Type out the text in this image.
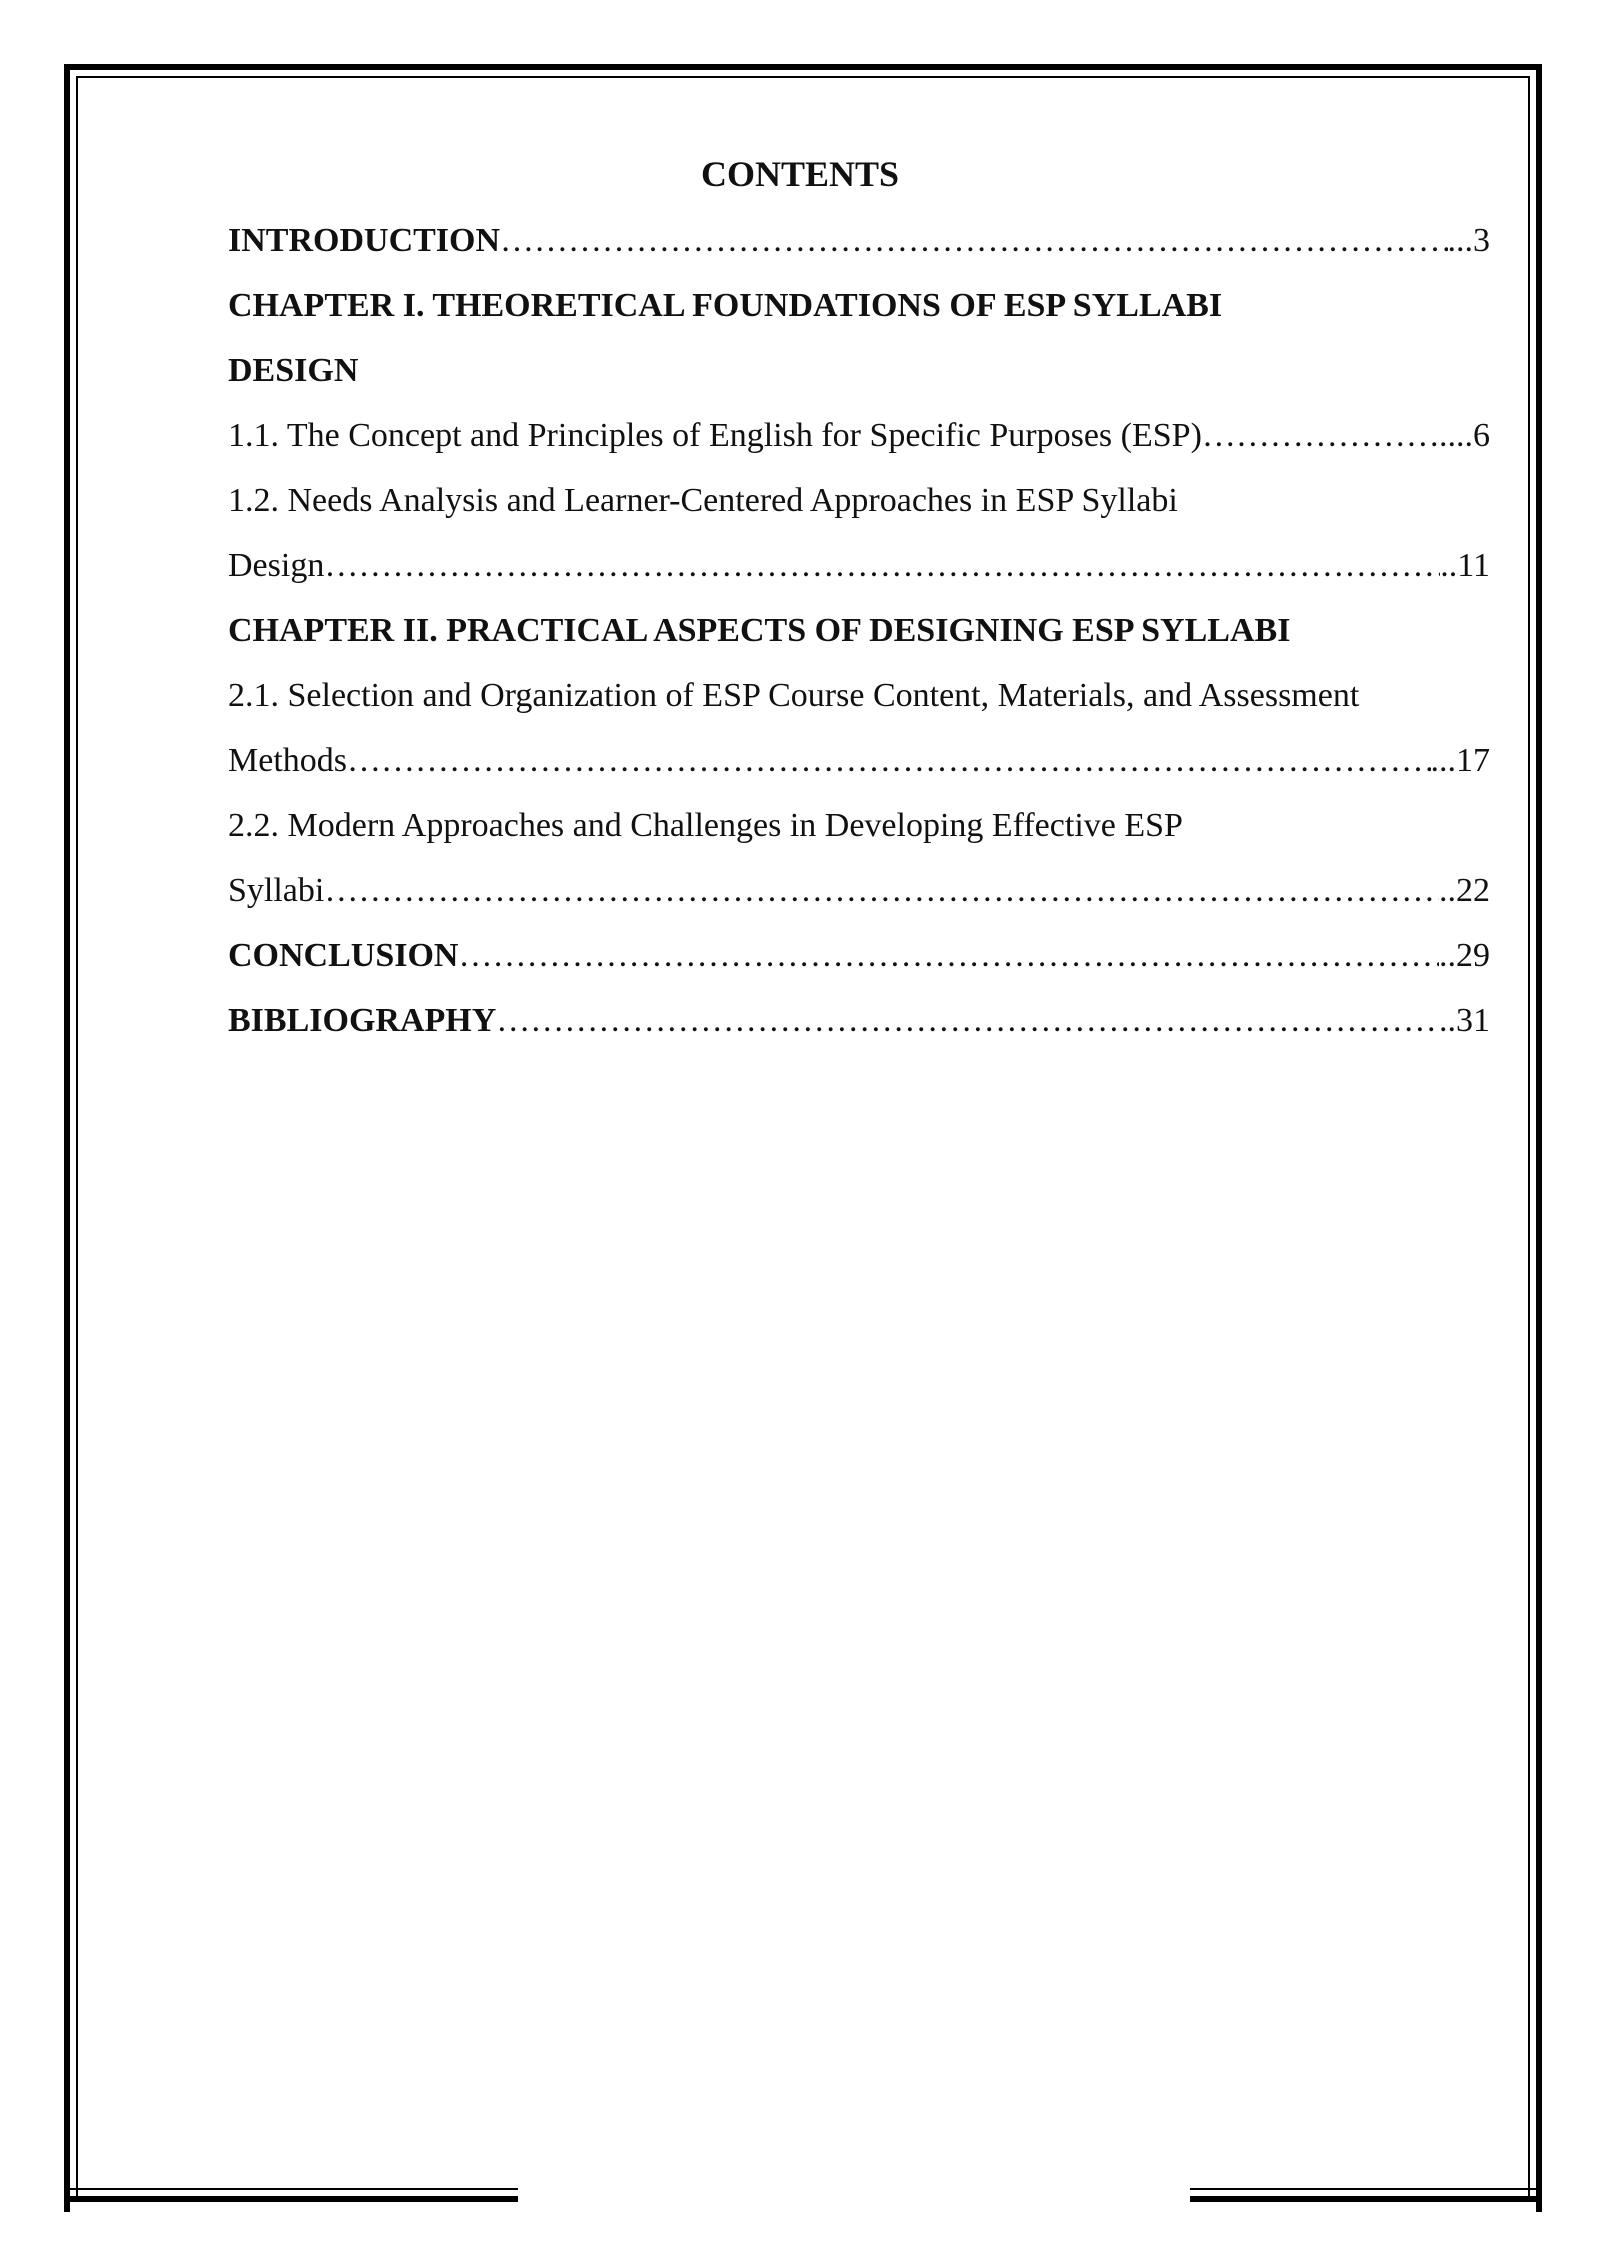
CONTENTS
INTRODUCTION ……………………………………………………………………………………………………………………………………………………………	...3
CHAPTER I. THEORETICAL FOUNDATIONS OF ESP SYLLABI
DESIGN
1.1. The Concept and Principles of English for Specific Purposes (ESP) ……………………………………………………………………………………………………………………………………………………………	....6
1.2. Needs Analysis and Learner-Centered Approaches in ESP Syllabi
Design ……………………………………………………………………………………………………………………………………………………………	..11
CHAPTER II. PRACTICAL ASPECTS OF DESIGNING ESP SYLLABI
2.1. Selection and Organization of ESP Course Content, Materials, and Assessment
Methods ……………………………………………………………………………………………………………………………………………………………	...17
2.2. Modern Approaches and Challenges in Developing Effective ESP
Syllabi ……………………………………………………………………………………………………………………………………………………………	..22
CONCLUSION ……………………………………………………………………………………………………………………………………………………………	..29
BIBLIOGRAPHY ……………………………………………………………………………………………………………………………………………………………	..31
